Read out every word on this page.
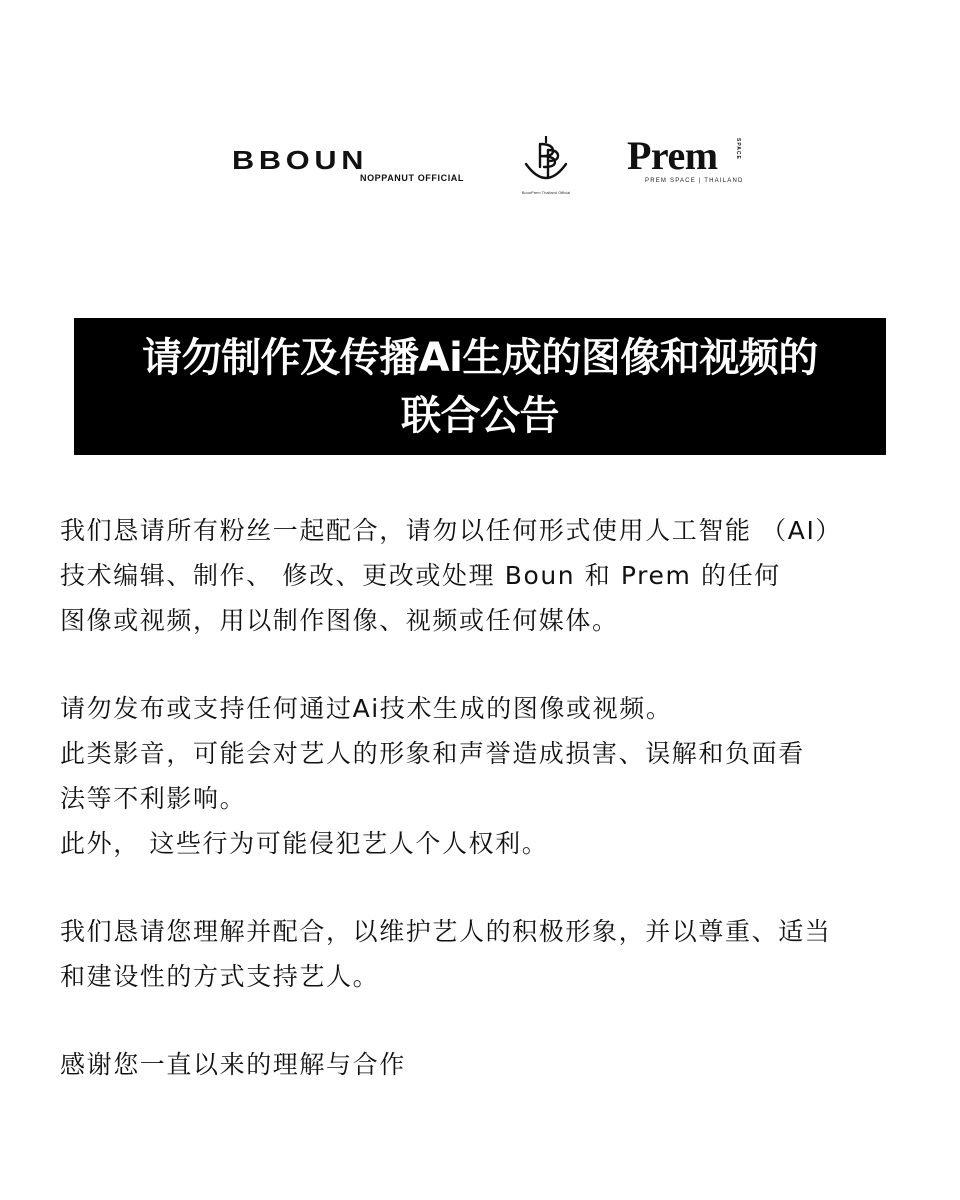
BBOUN
NOPPANUT OFFICIAL
BounPrem Thailand Official
Prem	SPACE
PREM SPACE | THAILAND
请勿制作及传播Ai生成的图像和视频的
联合公告
我们恳请所有粉丝一起配合，请勿以任何形式使用人工智能 （AI）
技术编辑、制作、 修改、更改或处理 Boun 和 Prem 的任何
图像或视频，用以制作图像、视频或任何媒体。
请勿发布或支持任何通过Ai技术生成的图像或视频。
此类影音，可能会对艺人的形象和声誉造成损害、误解和负面看
法等不利影响。
此外， 这些行为可能侵犯艺人个人权利。
我们恳请您理解并配合，以维护艺人的积极形象，并以尊重、适当
和建设性的方式支持艺人。
感谢您一直以来的理解与合作
